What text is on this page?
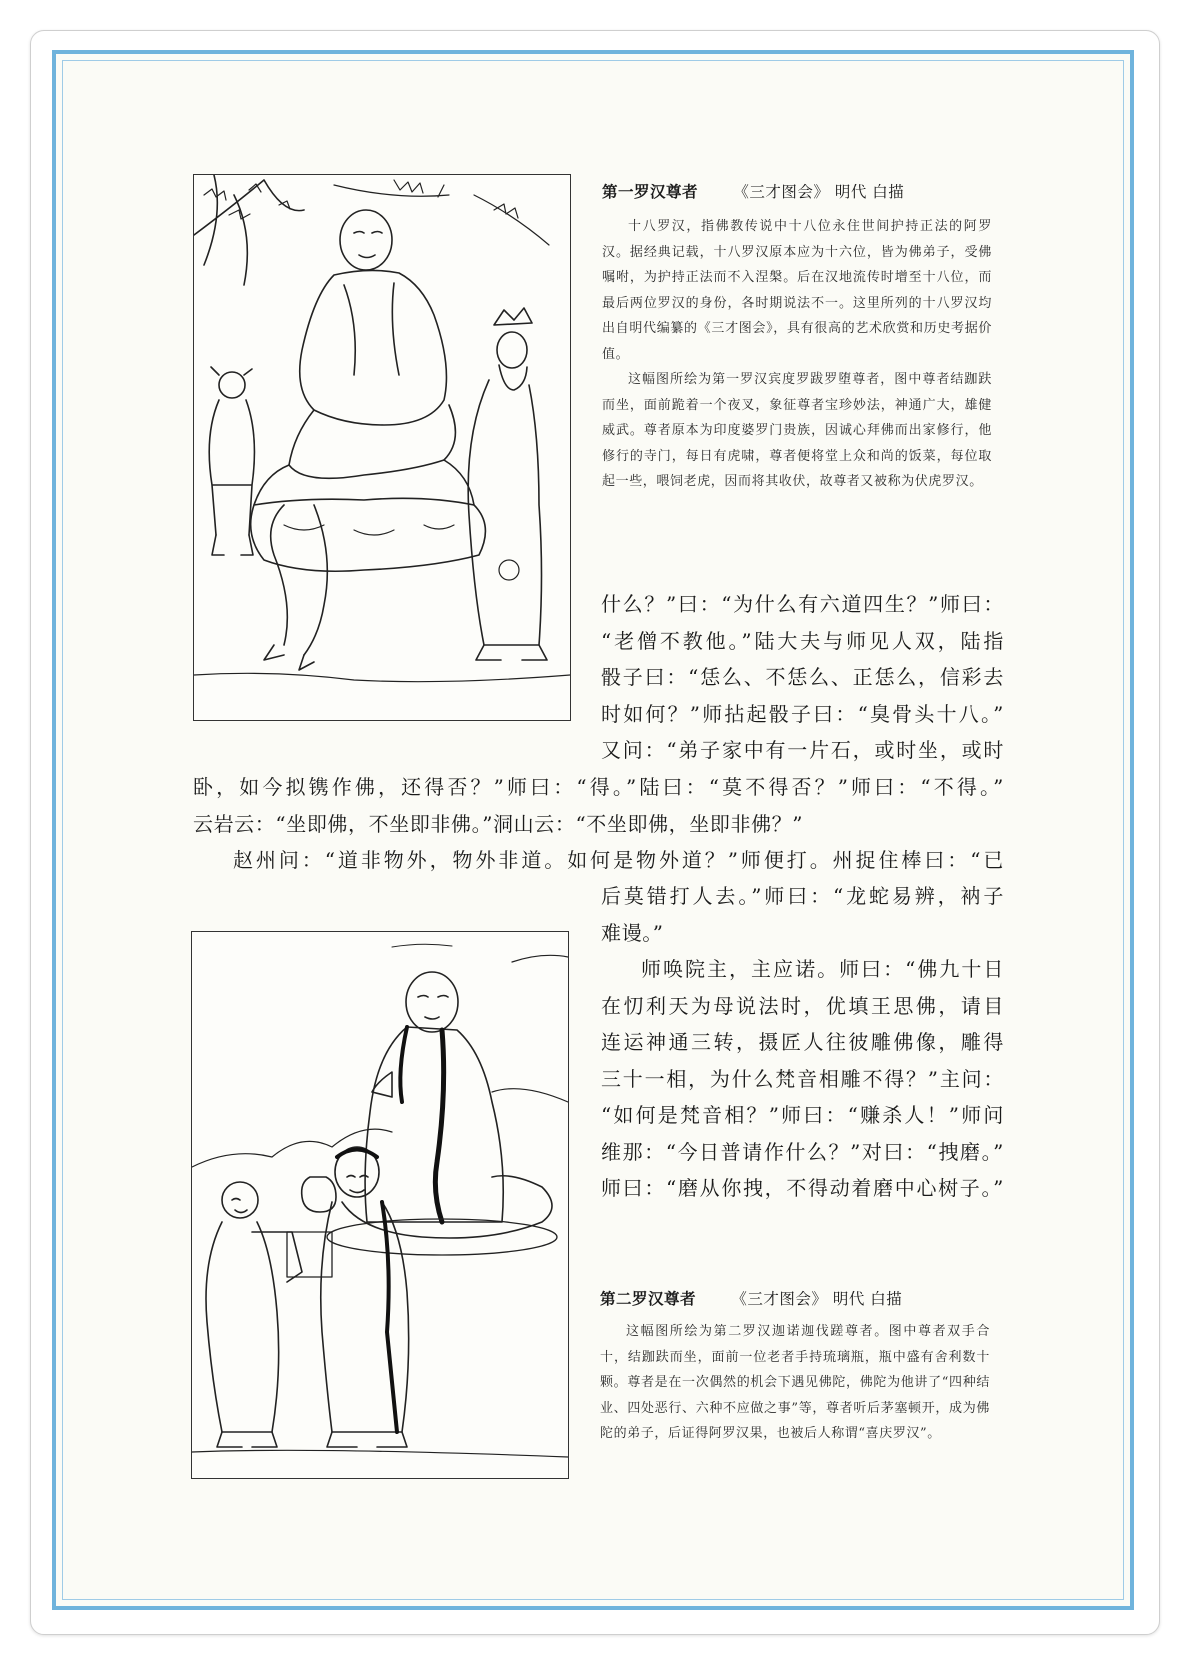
第一罗汉尊者 《三才图会》 明代 白描

十八罗汉，指佛教传说中十八位永住世间护持正法的阿罗汉。据经典记载，十八罗汉原本应为十六位，皆为佛弟子，受佛嘱咐，为护持正法而不入涅槃。后在汉地流传时增至十八位，而最后两位罗汉的身份，各时期说法不一。这里所列的十八罗汉均出自明代编纂的《三才图会》，具有很高的艺术欣赏和历史考据价值。

这幅图所绘为第一罗汉宾度罗跋罗堕尊者，图中尊者结跏趺而坐，面前跪着一个夜叉，象征尊者宝珍妙法，神通广大，雄健威武。尊者原本为印度婆罗门贵族，因诚心拜佛而出家修行，他修行的寺门，每日有虎啸，尊者便将堂上众和尚的饭菜，每位取起一些，喂饲老虎，因而将其收伏，故尊者又被称为伏虎罗汉。

什么？”曰：“为什么有六道四生？”师曰：

“老僧不教他。”陆大夫与师见人双，陆指

骰子曰：“恁么、不恁么、正恁么，信彩去

时如何？”师拈起骰子曰：“臭骨头十八。”

又问：“弟子家中有一片石，或时坐，或时

卧，如今拟镌作佛，还得否？”师曰：“得。”陆曰：“莫不得否？”师曰：“不得。”

云岩云：“坐即佛，不坐即非佛。”洞山云：“不坐即佛，坐即非佛？”

赵州问：“道非物外，物外非道。如何是物外道？”师便打。州捉住棒曰：“已

后莫错打人去。”师曰：“龙蛇易辨，衲子

难谩。”

师唤院主，主应诺。师曰：“佛九十日

在忉利天为母说法时，优填王思佛，请目

连运神通三转，摄匠人往彼雕佛像，雕得

三十一相，为什么梵音相雕不得？”主问：

“如何是梵音相？”师曰：“赚杀人！”师问

维那：“今日普请作什么？”对曰：“拽磨。”

师曰：“磨从你拽，不得动着磨中心树子。”

第二罗汉尊者 《三才图会》 明代 白描

这幅图所绘为第二罗汉迦诺迦伐蹉尊者。图中尊者双手合十，结跏趺而坐，面前一位老者手持琉璃瓶，瓶中盛有舍利数十颗。尊者是在一次偶然的机会下遇见佛陀，佛陀为他讲了“四种结业、四处恶行、六种不应做之事”等，尊者听后茅塞顿开，成为佛陀的弟子，后证得阿罗汉果，也被后人称谓“喜庆罗汉”。
